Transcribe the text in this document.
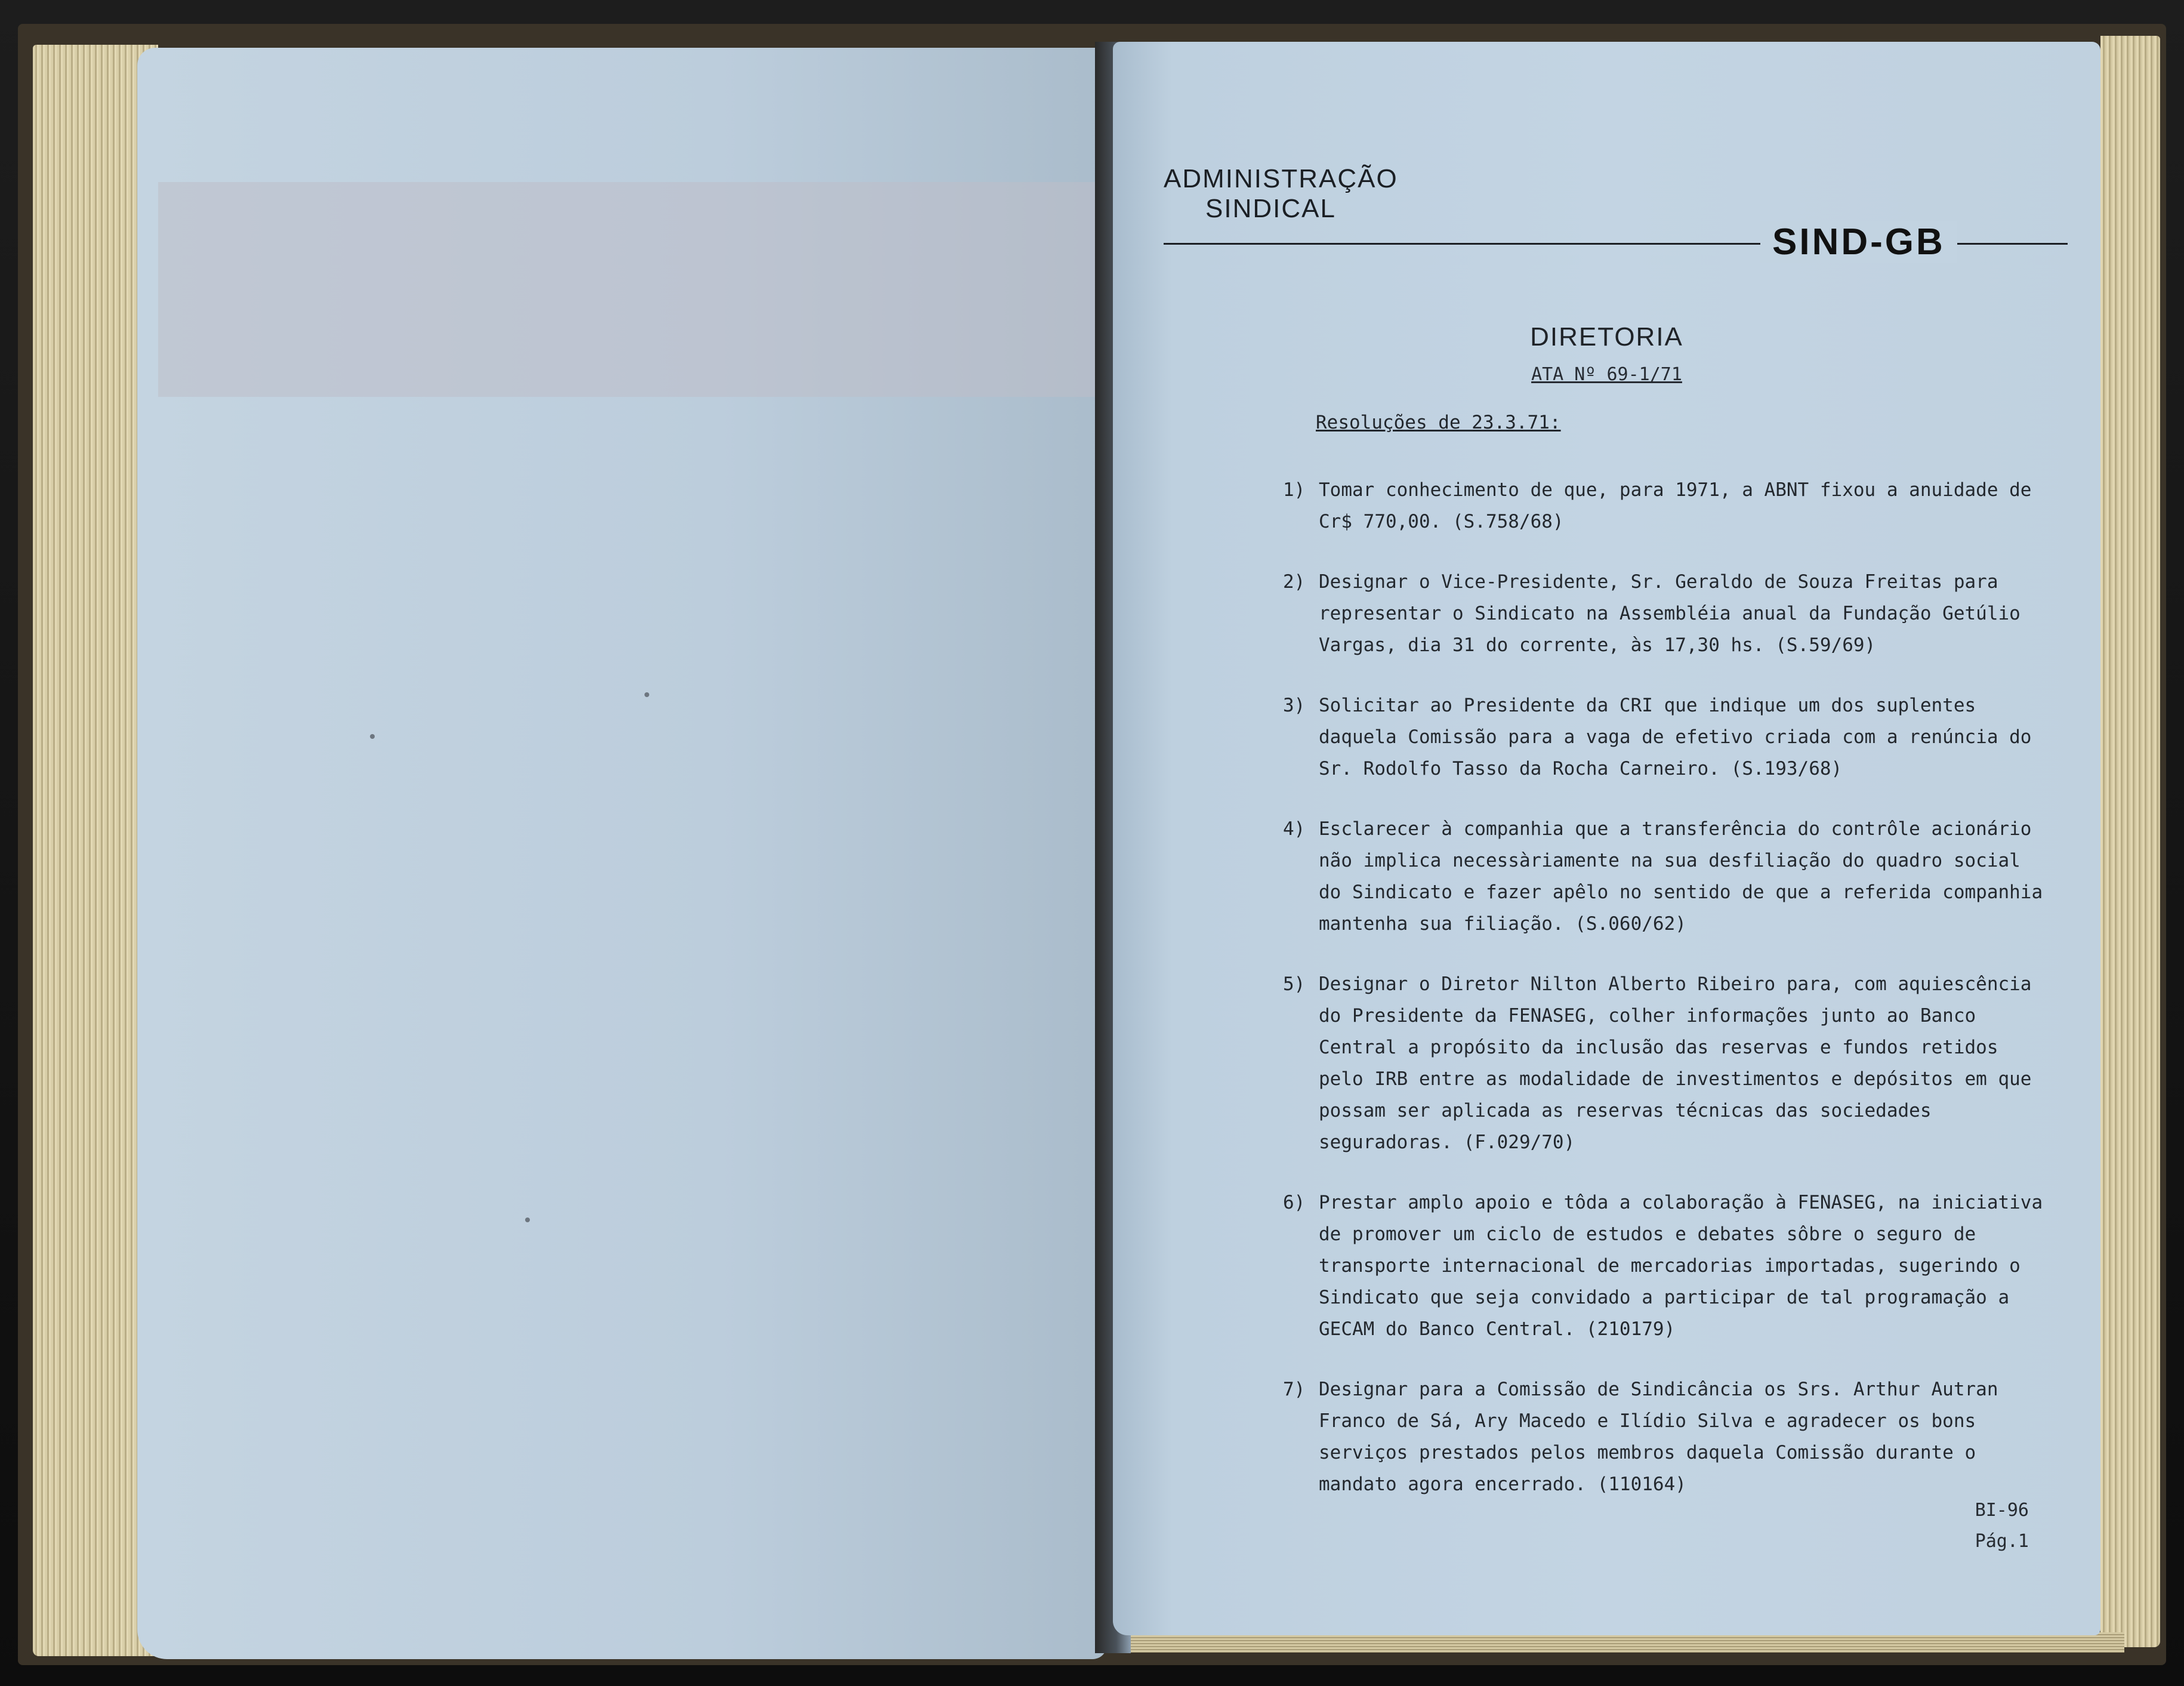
ADMINISTRAÇÃO
SINDICAL
SIND-GB
DIRETORIA
ATA Nº 69-1/71
Resoluções de 23.3.71:
1) Tomar conhecimento de que, para 1971, a ABNT fixou a anuidade de Cr$ 770,00. (S.758/68)
2) Designar o Vice-Presidente, Sr. Geraldo de Souza Freitas para representar o Sindicato na Assembléia anual da Fundação Getúlio Vargas, dia 31 do corrente, às 17,30 hs. (S.59/69)
3) Solicitar ao Presidente da CRI que indique um dos suplentes daquela Comissão para a vaga de efetivo criada com a renúncia do Sr. Rodolfo Tasso da Rocha Carneiro. (S.193/68)
4) Esclarecer à companhia que a transferência do contrôle acionário não implica necessàriamente na sua desfiliação do quadro social do Sindicato e fazer apêlo no sentido de que a referida companhia mantenha sua filiação. (S.060/62)
5) Designar o Diretor Nilton Alberto Ribeiro para, com aquiescência do Presidente da FENASEG, colher informações junto ao Banco Central a propósito da inclusão das reservas e fundos retidos pelo IRB entre as modalidade de investimentos e depósitos em que possam ser aplicada as reservas técnicas das sociedades seguradoras. (F.029/70)
6) Prestar amplo apoio e tôda a colaboração à FENASEG, na iniciativa de promover um ciclo de estudos e debates sôbre o seguro de transporte internacional de mercadorias importadas, sugerindo o Sindicato que seja convidado a participar de tal programação a GECAM do Banco Central. (210179)
7) Designar para a Comissão de Sindicância os Srs. Arthur Autran Franco de Sá, Ary Macedo e Ilídio Silva e agradecer os bons serviços prestados pelos membros daquela Comissão durante o mandato agora encerrado. (110164)
BI-96
Pág.1
